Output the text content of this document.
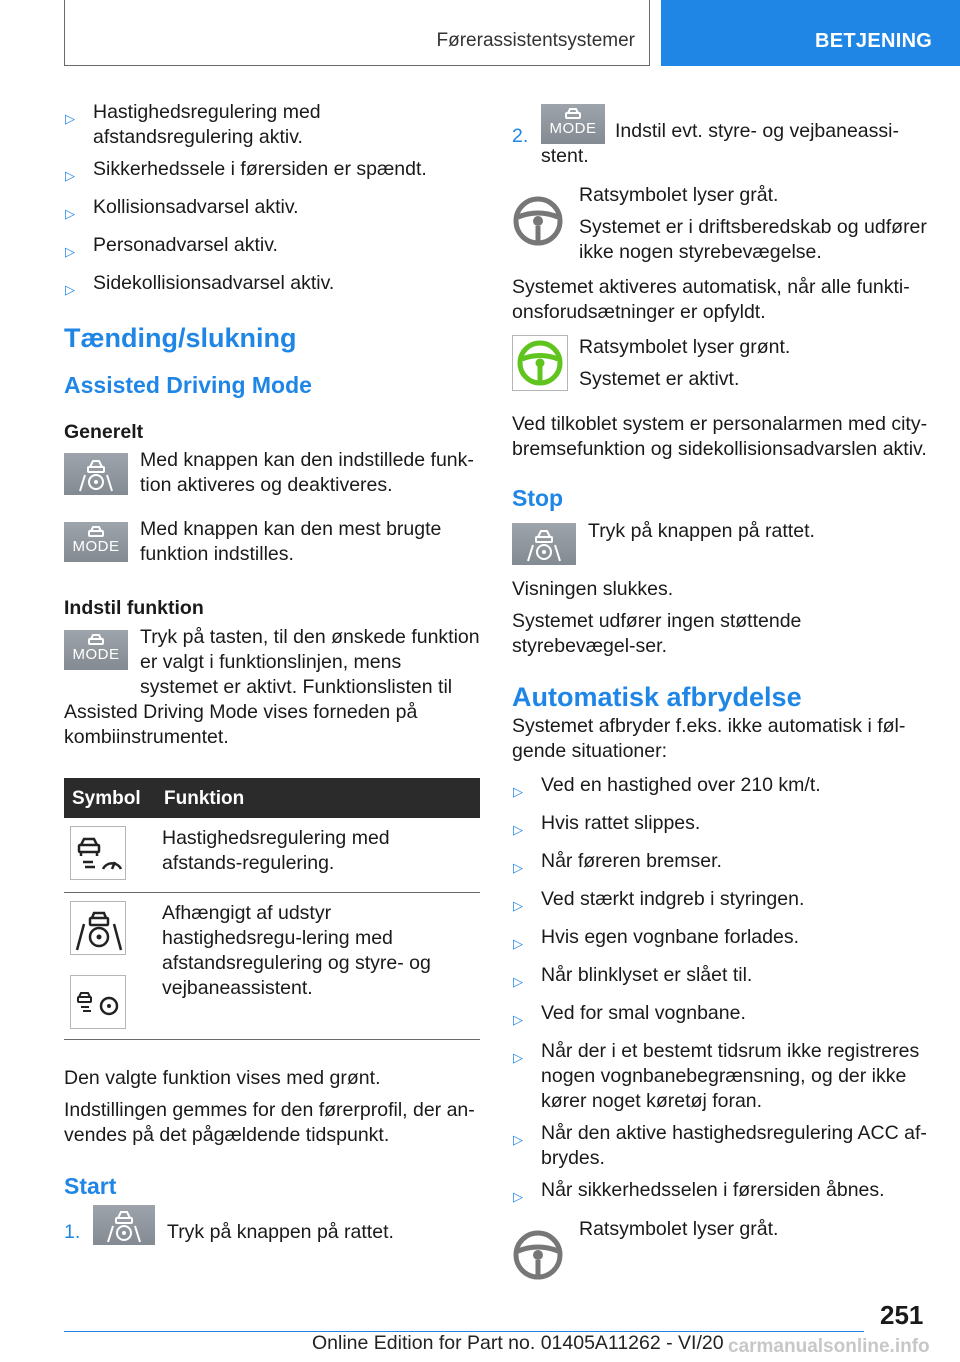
Førerassistentsystemer	BETJENING
▷ Hastighedsregulering med afstandsregulering aktiv.
▷ Sikkerhedssele i førersiden er spændt.
▷ Kollisionsadvarsel aktiv.
▷ Personadvarsel aktiv.
▷ Sidekollisionsadvarsel aktiv.
Tænding/slukning
Assisted Driving Mode
Generelt
Med knappen kan den indstillede funk-tion aktiveres og deaktiveres.
MODE
Med knappen kan den mest brugte funktion indstilles.
Indstil funktion
MODE
Tryk på tasten, til den ønskede funktion er valgt i funktionslinjen, mens systemet er aktivt. Funktionslisten til Assisted Driving Mode vises forneden på kombiinstrumentet.
Symbol	Funktion

	Hastighedsregulering med afstands-regulering.

	Afhængigt af udstyr hastighedsregu-lering med afstandsregulering og styre- og vejbaneassistent.

Den valgte funktion vises med grønt.

Indstillingen gemmes for den førerprofil, der an-vendes på det pågældende tidspunkt.

Start
1.	Tryk på knappen på rattet.
2.	MODE Indstil evt. styre- og vejbaneassi-stent.

Ratsymbolet lyser gråt.

Systemet er i driftsberedskab og udfører ikke nogen styrebevægelse.

Systemet aktiveres automatisk, når alle funkti-onsforudsætninger er opfyldt.

Ratsymbolet lyser grønt.

Systemet er aktivt.

Ved tilkoblet system er personalarmen med city-bremsefunktion og sidekollisionsadvarslen aktiv.

Stop
Tryk på knappen på rattet.

Visningen slukkes.

Systemet udfører ingen støttende styrebevægel-ser.

Automatisk afbrydelse

Systemet afbryder f.eks. ikke automatisk i føl-gende situationer:

▷ Ved en hastighed over 210 km/t.
▷ Hvis rattet slippes.
▷ Når føreren bremser.
▷ Ved stærkt indgreb i styringen.
▷ Hvis egen vognbane forlades.
▷ Når blinklyset er slået til.
▷ Ved for smal vognbane.
▷ Når der i et bestemt tidsrum ikke registreres nogen vognbanebegrænsning, og der ikke kører noget køretøj foran.
▷ Når den aktive hastighedsregulering ACC af-brydes.
▷ Når sikkerhedsselen i førersiden åbnes.

Ratsymbolet lyser gråt.

251
Online Edition for Part no. 01405A11262 - VI/20 carmanualsonline.info
